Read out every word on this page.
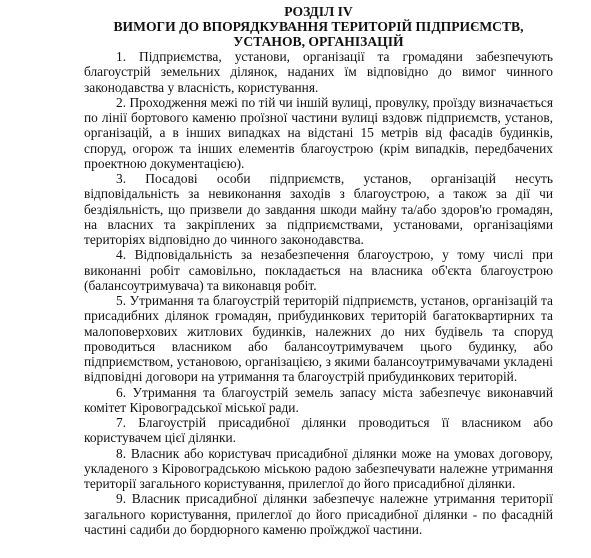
РОЗДІЛ IV

ВИМОГИ ДО ВПОРЯДКУВАННЯ ТЕРИТОРІЙ ПІДПРИЄМСТВ,

УСТАНОВ, ОРГАНІЗАЦІЙ

1. Підприємства, установи, організації та громадяни забезпечують благоустрій земельних ділянок, наданих їм відповідно до вимог чинного законодавства у власність, користування.

2. Проходження межі по тій чи іншій вулиці, провулку, проїзду визначається по лінії бортового каменю проїзної частини вулиці вздовж підприємств, установ, організацій, а в інших випадках на відстані 15 метрів від фасадів будинків, споруд, огорож та інших елементів благоустрою (крім випадків, передбачених проектною документацією).

3. Посадові особи підприємств, установ, організацій несуть відповідальність за невиконання заходів з благоустрою, а також за дії чи бездіяльність, що призвели до завдання шкоди майну та/або здоров'ю громадян, на власних та закріплених за підприємствами, установами, організаціями територіях відповідно до чинного законодавства.

4. Відповідальність за незабезпечення благоустрою, у тому числі при виконанні робіт самовільно, покладається на власника об'єкта благоустрою (балансоутримувача) та виконавця робіт.

5. Утримання та благоустрій територій підприємств, установ, організацій та присадибних ділянок громадян, прибудинкових територій багатоквартирних та малоповерхових житлових будинків, належних до них будівель та споруд проводиться власником або балансоутримувачем цього будинку, або підприємством, установою, організацією, з якими балансоутримувачами укладені відповідні договори на утримання та благоустрій прибудинкових територій.

6. Утримання та благоустрій земель запасу міста забезпечує виконавчий комітет Кіровоградської міської ради.

7. Благоустрій присадибної ділянки проводиться її власником або користувачем цієї ділянки.

8. Власник або користувач присадибної ділянки може на умовах договору, укладеного з Кіровоградською міською радою забезпечувати належне утримання території загального користування, прилеглої до його присадибної ділянки.

9. Власник присадибної ділянки забезпечує належне утримання території загального користування, прилеглої до його присадибної ділянки - по фасадній частині садиби до бордюрного каменю проїжджої частини.
